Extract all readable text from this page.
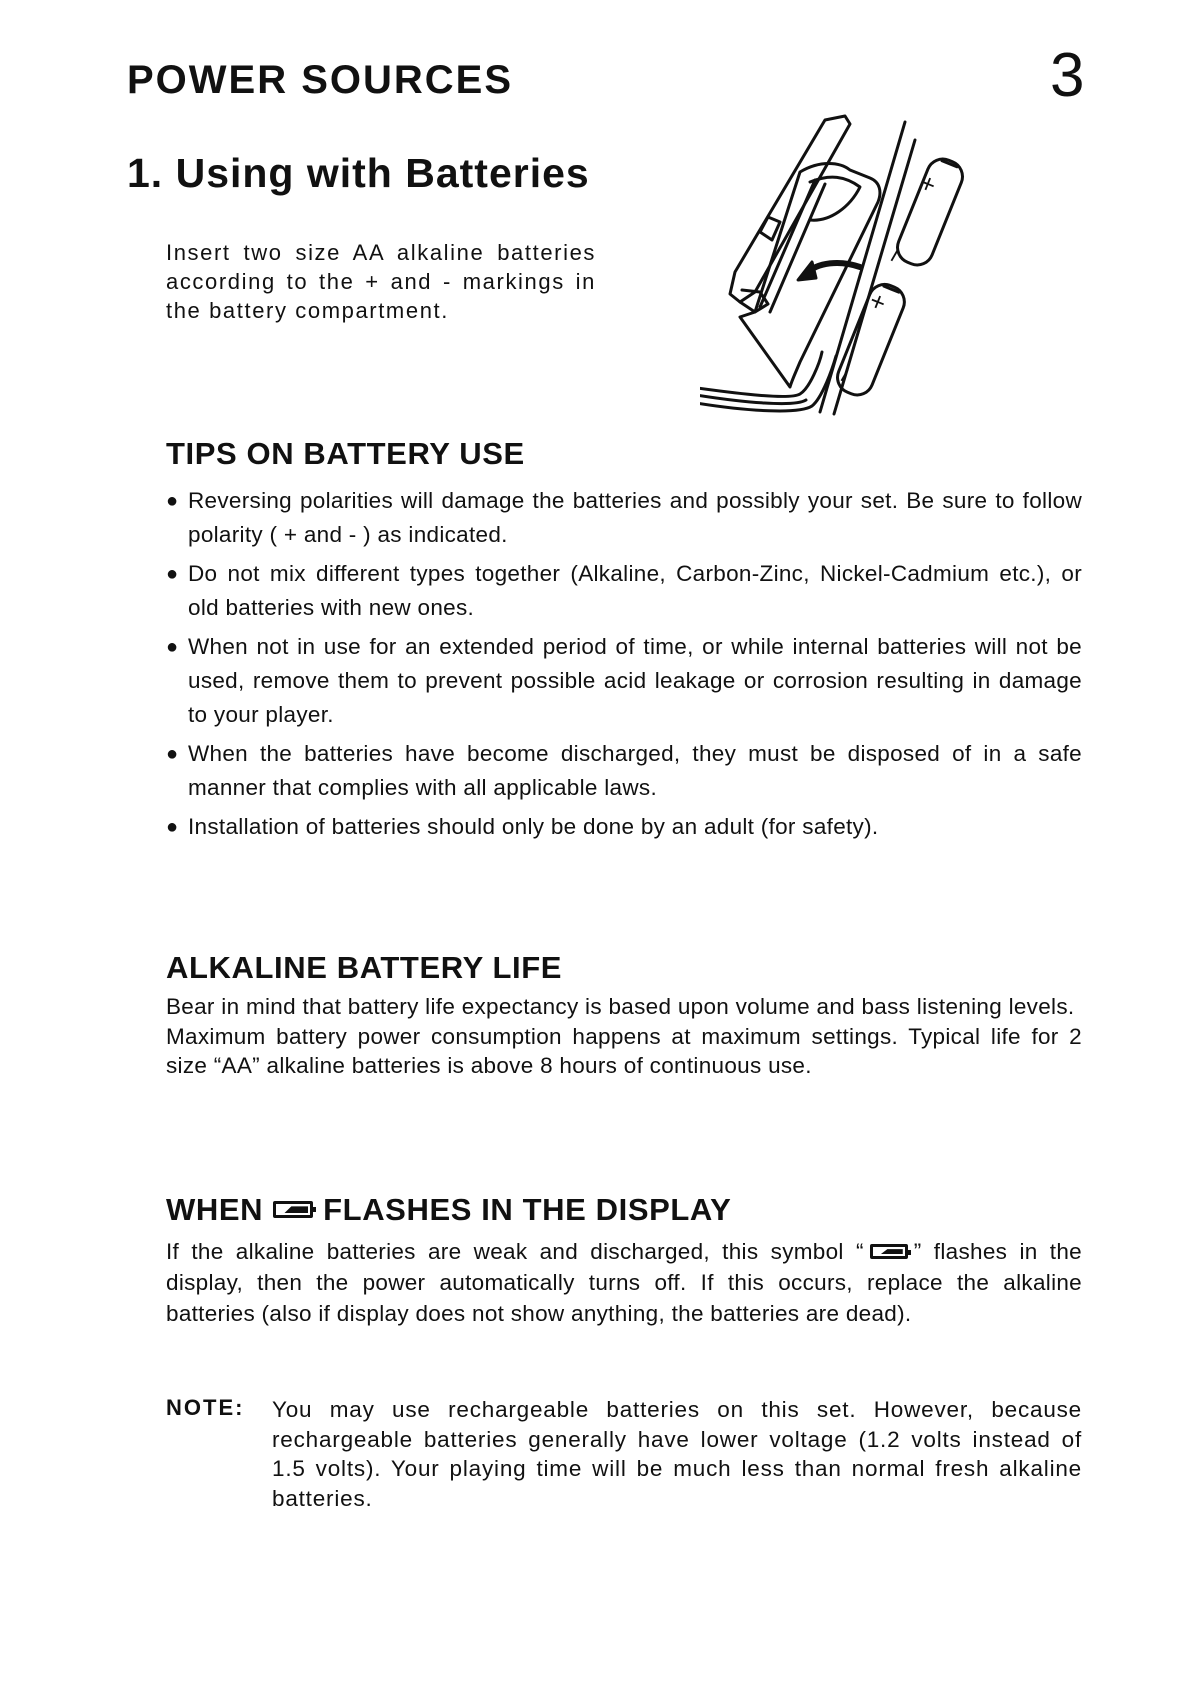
POWER SOURCES	3
1. Using with Batteries
Insert two size AA alkaline batteries according to the + and - markings in the battery compartment.
+
−
+
−
TIPS ON BATTERY USE
● Reversing polarities will damage the batteries and possibly your set. Be sure to follow polarity ( + and - ) as indicated.
● Do not mix different types together (Alkaline, Carbon-Zinc, Nickel-Cadmium etc.), or old batteries with new ones.
● When not in use for an extended period of time, or while internal batteries will not be used, remove them to prevent possible acid leakage or corrosion resulting in damage to your player.
● When the batteries have become discharged, they must be disposed of in a safe manner that complies with all applicable laws.
● Installation of batteries should only be done by an adult (for safety).
ALKALINE BATTERY LIFE

Bear in mind that battery life expectancy is based upon volume and bass listening levels.

Maximum battery power consumption happens at maximum settings. Typical life for 2 size “AA” alkaline batteries is above 8 hours of continuous use.

WHEN FLASHES IN THE DISPLAY
If the alkaline batteries are weak and discharged, this symbol “ ” flashes in the display, then the power automatically turns off. If this occurs, replace the alkaline batteries (also if display does not show anything, the batteries are dead).
NOTE: You may use rechargeable batteries on this set. However, because rechargeable batteries generally have lower voltage (1.2 volts instead of 1.5 volts). Your playing time will be much less than normal fresh alkaline batteries.
